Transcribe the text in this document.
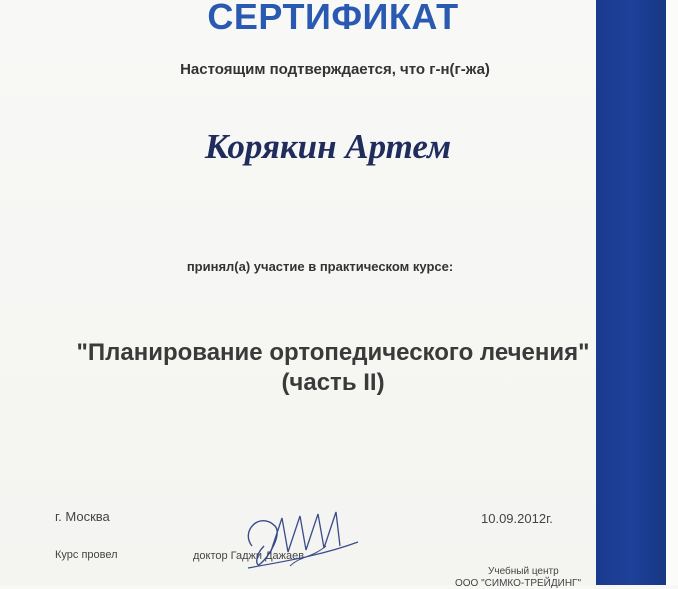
СЕРТИФИКАТ
Настоящим подтверждается, что г-н(г-жа)
Корякин Артем
принял(а) участие в практическом курсе:
"Планирование ортопедического лечения"
(часть II)
г. Москва	10.09.2012г.
Курс провел	доктор Гаджи Дажаев
Учебный центр
ООО "СИМКО-ТРЕЙДИНГ"
